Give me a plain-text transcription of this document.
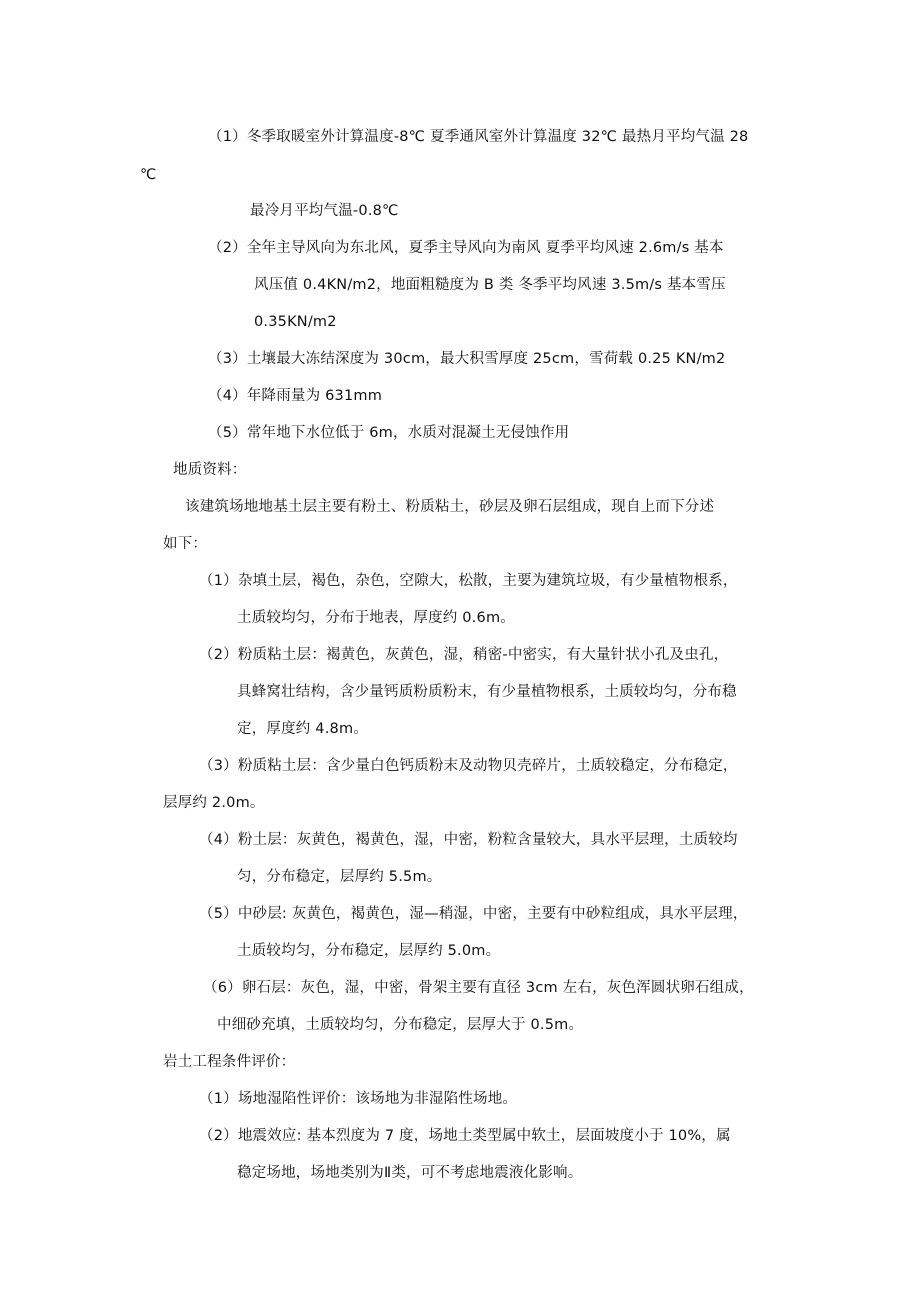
（1）冬季取暖室外计算温度-8℃ 夏季通风室外计算温度 32℃ 最热月平均气温 28
℃
最冷月平均气温-0.8℃
（2）全年主导风向为东北风，夏季主导风向为南风 夏季平均风速 2.6m/s 基本
风压值 0.4KN/m2，地面粗糙度为 B 类 冬季平均风速 3.5m/s 基本雪压
0.35KN/m2
（3）土壤最大冻结深度为 30cm，最大积雪厚度 25cm，雪荷载 0.25 KN/m2
（4）年降雨量为 631mm
（5）常年地下水位低于 6m，水质对混凝土无侵蚀作用
地质资料：
该建筑场地地基土层主要有粉土、粉质粘土，砂层及卵石层组成，现自上而下分述
如下：
（1）杂填土层，褐色，杂色，空隙大，松散，主要为建筑垃圾，有少量植物根系，
土质较均匀，分布于地表，厚度约 0.6m。
（2）粉质粘土层：褐黄色，灰黄色，湿，稍密-中密实，有大量针状小孔及虫孔，
具蜂窝壮结构，含少量钙质粉质粉末，有少量植物根系，土质较均匀，分布稳
定，厚度约 4.8m。
（3）粉质粘土层：含少量白色钙质粉末及动物贝壳碎片，土质较稳定，分布稳定，
层厚约 2.0m。
（4）粉土层：灰黄色，褐黄色，湿，中密，粉粒含量较大，具水平层理，土质较均
匀，分布稳定，层厚约 5.5m。
（5）中砂层: 灰黄色，褐黄色，湿—稍湿，中密，主要有中砂粒组成，具水平层理，
土质较均匀，分布稳定，层厚约 5.0m。
（6）卵石层：灰色，湿，中密，骨架主要有直径 3cm 左右，灰色浑圆状卵石组成，
中细砂充填，土质较均匀，分布稳定，层厚大于 0.5m。
岩土工程条件评价：
（1）场地湿陷性评价：该场地为非湿陷性场地。
（2）地震效应: 基本烈度为 7 度，场地土类型属中软土，层面坡度小于 10%，属
稳定场地，场地类别为Ⅱ类，可不考虑地震液化影响。
